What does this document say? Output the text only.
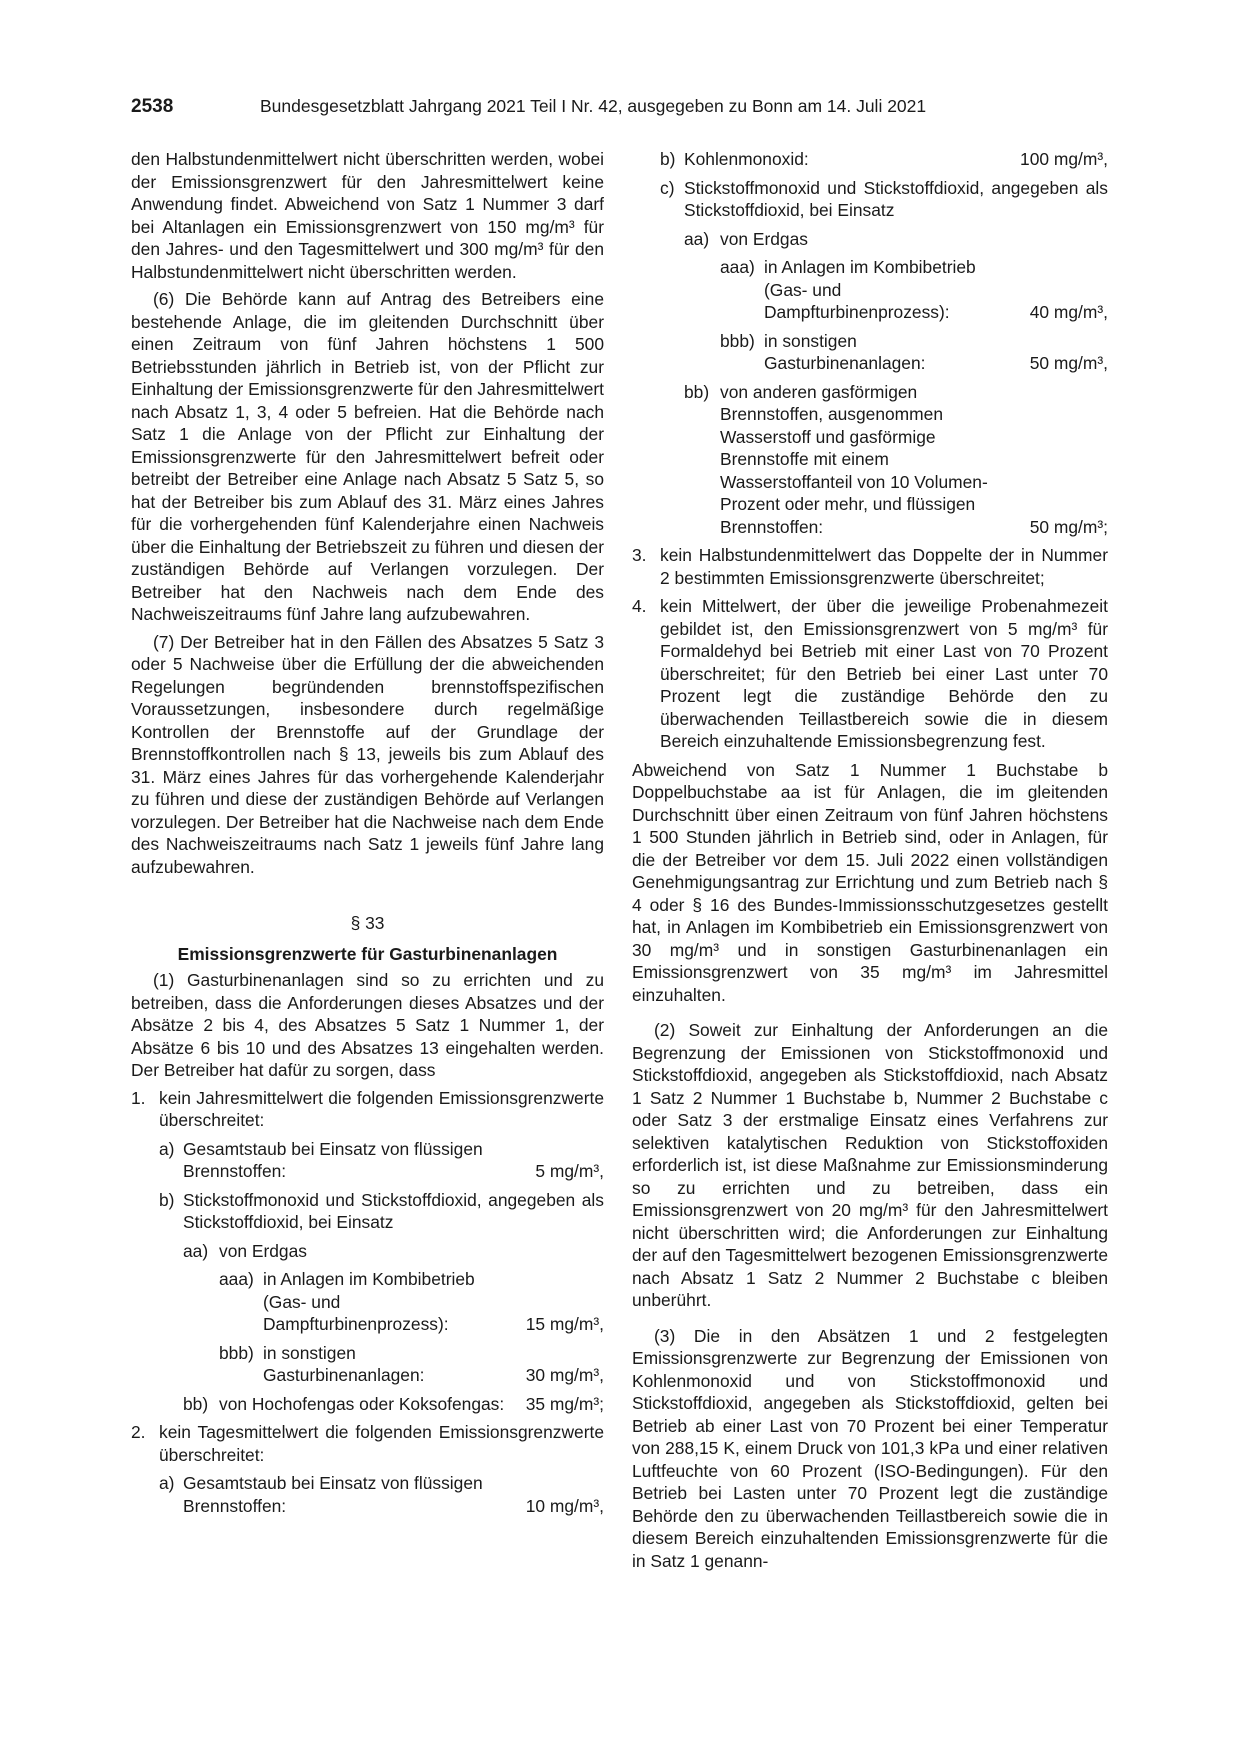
2538	Bundesgesetzblatt Jahrgang 2021 Teil I Nr. 42, ausgegeben zu Bonn am 14. Juli 2021

den Halbstundenmittelwert nicht überschritten werden, wobei der Emissionsgrenzwert für den Jahresmittelwert keine Anwendung findet. Abweichend von Satz 1 Nummer 3 darf bei Altanlagen ein Emissionsgrenzwert von 150 mg/m³ für den Jahres- und den Tagesmittelwert und 300 mg/m³ für den Halbstundenmittelwert nicht überschritten werden.

(6) Die Behörde kann auf Antrag des Betreibers eine bestehende Anlage, die im gleitenden Durchschnitt über einen Zeitraum von fünf Jahren höchstens 1 500 Betriebsstunden jährlich in Betrieb ist, von der Pflicht zur Einhaltung der Emissionsgrenzwerte für den Jahresmittelwert nach Absatz 1, 3, 4 oder 5 befreien. Hat die Behörde nach Satz 1 die Anlage von der Pflicht zur Einhaltung der Emissionsgrenzwerte für den Jahresmittelwert befreit oder betreibt der Betreiber eine Anlage nach Absatz 5 Satz 5, so hat der Betreiber bis zum Ablauf des 31. März eines Jahres für die vorhergehenden fünf Kalenderjahre einen Nachweis über die Einhaltung der Betriebszeit zu führen und diesen der zuständigen Behörde auf Verlangen vorzulegen. Der Betreiber hat den Nachweis nach dem Ende des Nachweiszeitraums fünf Jahre lang aufzubewahren.

(7) Der Betreiber hat in den Fällen des Absatzes 5 Satz 3 oder 5 Nachweise über die Erfüllung der die abweichenden Regelungen begründenden brennstoffspezifischen Voraussetzungen, insbesondere durch regelmäßige Kontrollen der Brennstoffe auf der Grundlage der Brennstoffkontrollen nach § 13, jeweils bis zum Ablauf des 31. März eines Jahres für das vorhergehende Kalenderjahr zu führen und diese der zuständigen Behörde auf Verlangen vorzulegen. Der Betreiber hat die Nachweise nach dem Ende des Nachweiszeitraums nach Satz 1 jeweils fünf Jahre lang aufzubewahren.

§ 33

Emissionsgrenzwerte für Gasturbinenanlagen

(1) Gasturbinenanlagen sind so zu errichten und zu betreiben, dass die Anforderungen dieses Absatzes und der Absätze 2 bis 4, des Absatzes 5 Satz 1 Nummer 1, der Absätze 6 bis 10 und des Absatzes 13 eingehalten werden. Der Betreiber hat dafür zu sorgen, dass

1. kein Jahresmittelwert die folgenden Emissionsgrenzwerte überschreitet:
a) Gesamtstaub bei Einsatz von flüssigen Brennstoffen:	5 mg/m³,
b) Stickstoffmonoxid und Stickstoffdioxid, angegeben als Stickstoffdioxid, bei Einsatz
aa) von Erdgas
aaa) in Anlagen im Kombibetrieb (Gas- und Dampfturbinenprozess):	15 mg/m³,
bbb) in sonstigen Gasturbinenanlagen:	30 mg/m³,
bb) von Hochofengas oder Koksofengas:	35 mg/m³;
2. kein Tagesmittelwert die folgenden Emissionsgrenzwerte überschreitet:
a) Gesamtstaub bei Einsatz von flüssigen Brennstoffen:	10 mg/m³,
b) Kohlenmonoxid:	100 mg/m³,
c) Stickstoffmonoxid und Stickstoffdioxid, angegeben als Stickstoffdioxid, bei Einsatz
aa) von Erdgas
aaa) in Anlagen im Kombibetrieb (Gas- und Dampfturbinenprozess):	40 mg/m³,
bbb) in sonstigen Gasturbinenanlagen:	50 mg/m³,
bb) von anderen gasförmigen Brennstoffen, ausgenommen Wasserstoff und gasförmige Brennstoffe mit einem Wasserstoffanteil von 10 Volumen-Prozent oder mehr, und flüssigen Brennstoffen:	50 mg/m³;
3. kein Halbstundenmittelwert das Doppelte der in Nummer 2 bestimmten Emissionsgrenzwerte überschreitet;
4. kein Mittelwert, der über die jeweilige Probenahmezeit gebildet ist, den Emissionsgrenzwert von 5 mg/m³ für Formaldehyd bei Betrieb mit einer Last von 70 Prozent überschreitet; für den Betrieb bei einer Last unter 70 Prozent legt die zuständige Behörde den zu überwachenden Teillastbereich sowie die in diesem Bereich einzuhaltende Emissionsbegrenzung fest.

Abweichend von Satz 1 Nummer 1 Buchstabe b Doppelbuchstabe aa ist für Anlagen, die im gleitenden Durchschnitt über einen Zeitraum von fünf Jahren höchstens 1 500 Stunden jährlich in Betrieb sind, oder in Anlagen, für die der Betreiber vor dem 15. Juli 2022 einen vollständigen Genehmigungsantrag zur Errichtung und zum Betrieb nach § 4 oder § 16 des Bundes-Immissionsschutzgesetzes gestellt hat, in Anlagen im Kombibetrieb ein Emissionsgrenzwert von 30 mg/m³ und in sonstigen Gasturbinenanlagen ein Emissionsgrenzwert von 35 mg/m³ im Jahresmittel einzuhalten.

(2) Soweit zur Einhaltung der Anforderungen an die Begrenzung der Emissionen von Stickstoffmonoxid und Stickstoffdioxid, angegeben als Stickstoffdioxid, nach Absatz 1 Satz 2 Nummer 1 Buchstabe b, Nummer 2 Buchstabe c oder Satz 3 der erstmalige Einsatz eines Verfahrens zur selektiven katalytischen Reduktion von Stickstoffoxiden erforderlich ist, ist diese Maßnahme zur Emissionsminderung so zu errichten und zu betreiben, dass ein Emissionsgrenzwert von 20 mg/m³ für den Jahresmittelwert nicht überschritten wird; die Anforderungen zur Einhaltung der auf den Tagesmittelwert bezogenen Emissionsgrenzwerte nach Absatz 1 Satz 2 Nummer 2 Buchstabe c bleiben unberührt.

(3) Die in den Absätzen 1 und 2 festgelegten Emissionsgrenzwerte zur Begrenzung der Emissionen von Kohlenmonoxid und von Stickstoffmonoxid und Stickstoffdioxid, angegeben als Stickstoffdioxid, gelten bei Betrieb ab einer Last von 70 Prozent bei einer Temperatur von 288,15 K, einem Druck von 101,3 kPa und einer relativen Luftfeuchte von 60 Prozent (ISO-Bedingungen). Für den Betrieb bei Lasten unter 70 Prozent legt die zuständige Behörde den zu überwachenden Teillastbereich sowie die in diesem Bereich einzuhaltenden Emissionsgrenzwerte für die in Satz 1 genann-
